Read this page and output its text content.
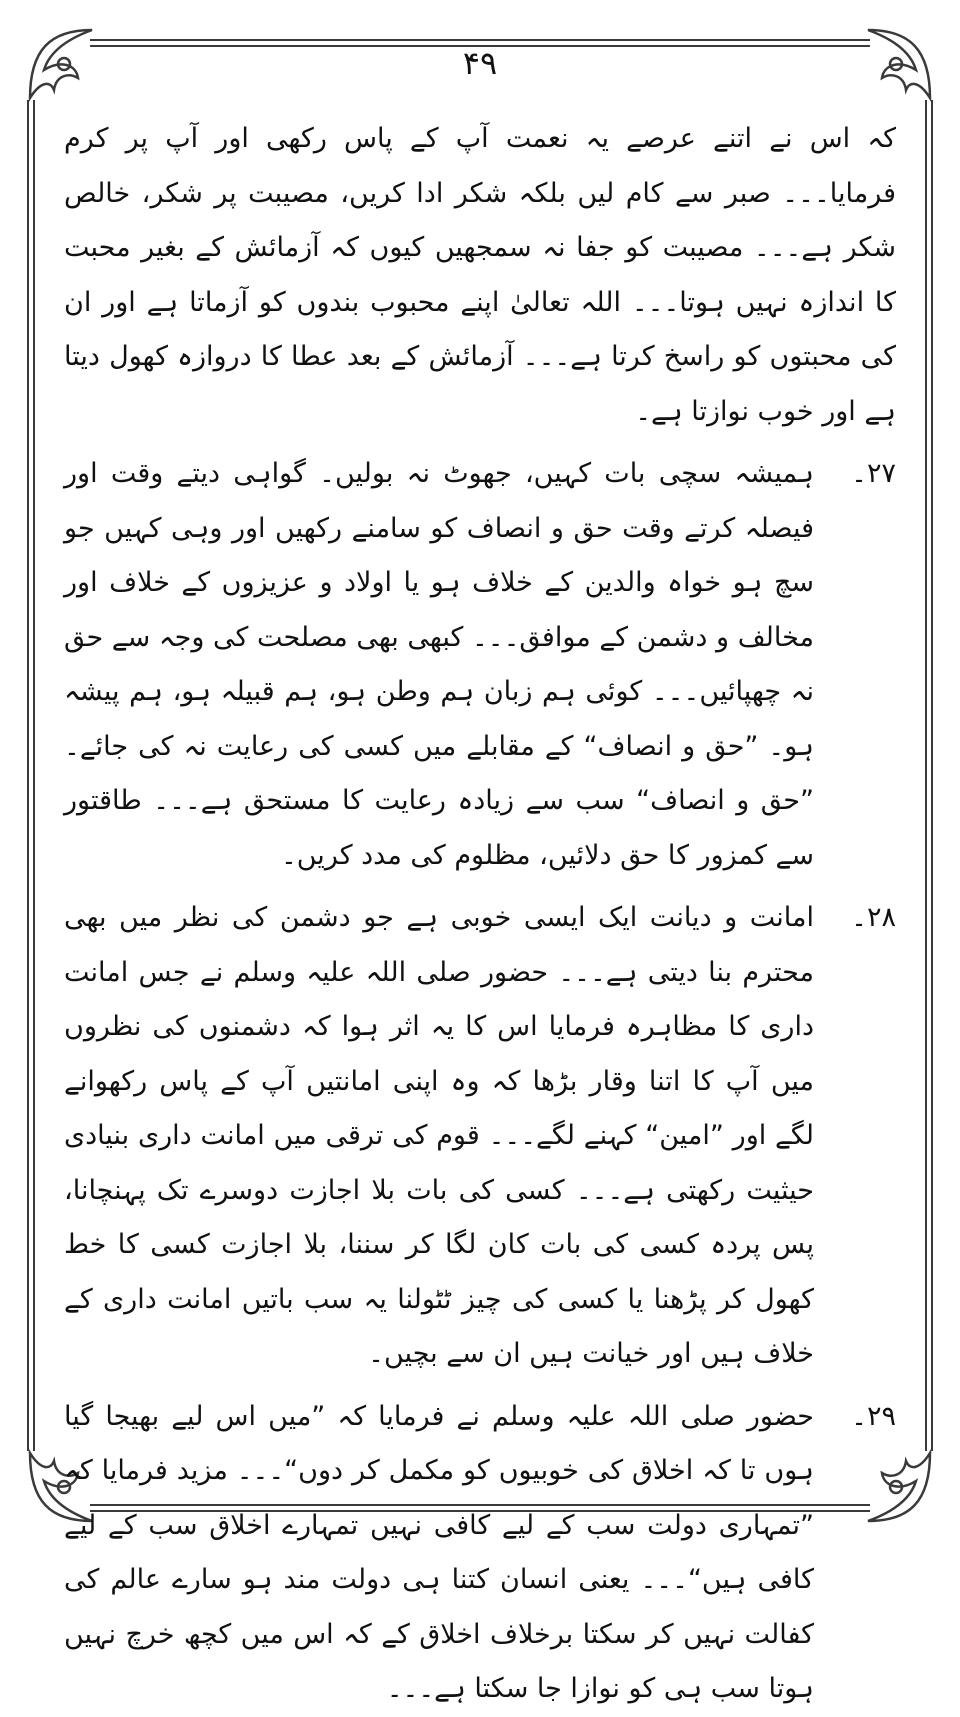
۴۹

کہ اس نے اتنے عرصے یہ نعمت آپ کے پاس رکھی اور آپ پر کرم فرمایا۔۔۔ صبر سے کام لیں بلکہ شکر ادا کریں، مصیبت پر شکر، خالص شکر ہے۔۔۔ مصیبت کو جفا نہ سمجھیں کیوں کہ آزمائش کے بغیر محبت کا اندازہ نہیں ہوتا۔۔۔ اللہ تعالیٰ اپنے محبوب بندوں کو آزماتا ہے اور ان کی محبتوں کو راسخ کرتا ہے۔۔۔ آزمائش کے بعد عطا کا دروازہ کھول دیتا ہے اور خوب نوازتا ہے۔

۲۷۔
ہمیشہ سچی بات کہیں، جھوٹ نہ بولیں۔ گواہی دیتے وقت اور فیصلہ کرتے وقت حق و انصاف کو سامنے رکھیں اور وہی کہیں جو سچ ہو خواہ والدین کے خلاف ہو یا اولاد و عزیزوں کے خلاف اور مخالف و دشمن کے موافق۔۔۔ کبھی بھی مصلحت کی وجہ سے حق نہ چھپائیں۔۔۔ کوئی ہم زبان ہم وطن ہو، ہم قبیلہ ہو، ہم پیشہ ہو۔ ”حق و انصاف“ کے مقابلے میں کسی کی رعایت نہ کی جائے۔ ”حق و انصاف“ سب سے زیادہ رعایت کا مستحق ہے۔۔۔ طاقتور سے کمزور کا حق دلائیں، مظلوم کی مدد کریں۔

۲۸۔
امانت و دیانت ایک ایسی خوبی ہے جو دشمن کی نظر میں بھی محترم بنا دیتی ہے۔۔۔ حضور صلی اللہ علیہ وسلم نے جس امانت داری کا مظاہرہ فرمایا اس کا یہ اثر ہوا کہ دشمنوں کی نظروں میں آپ کا اتنا وقار بڑھا کہ وہ اپنی امانتیں آپ کے پاس رکھوانے لگے اور ”امین“ کہنے لگے۔۔۔ قوم کی ترقی میں امانت داری بنیادی حیثیت رکھتی ہے۔۔۔ کسی کی بات بلا اجازت دوسرے تک پہنچانا، پس پردہ کسی کی بات کان لگا کر سننا، بلا اجازت کسی کا خط کھول کر پڑھنا یا کسی کی چیز ٹٹولنا یہ سب باتیں امانت داری کے خلاف ہیں اور خیانت ہیں ان سے بچیں۔

۲۹۔
حضور صلی اللہ علیہ وسلم نے فرمایا کہ ”میں اس لیے بھیجا گیا ہوں تا کہ اخلاق کی خوبیوں کو مکمل کر دوں“۔۔۔ مزید فرمایا کہ ”تمہاری دولت سب کے لیے کافی نہیں تمہارے اخلاق سب کے لیے کافی ہیں“۔۔۔ یعنی انسان کتنا ہی دولت مند ہو سارے عالم کی کفالت نہیں کر سکتا برخلاف اخلاق کے کہ اس میں کچھ خرچ نہیں ہوتا سب ہی کو نوازا جا سکتا ہے۔۔۔
